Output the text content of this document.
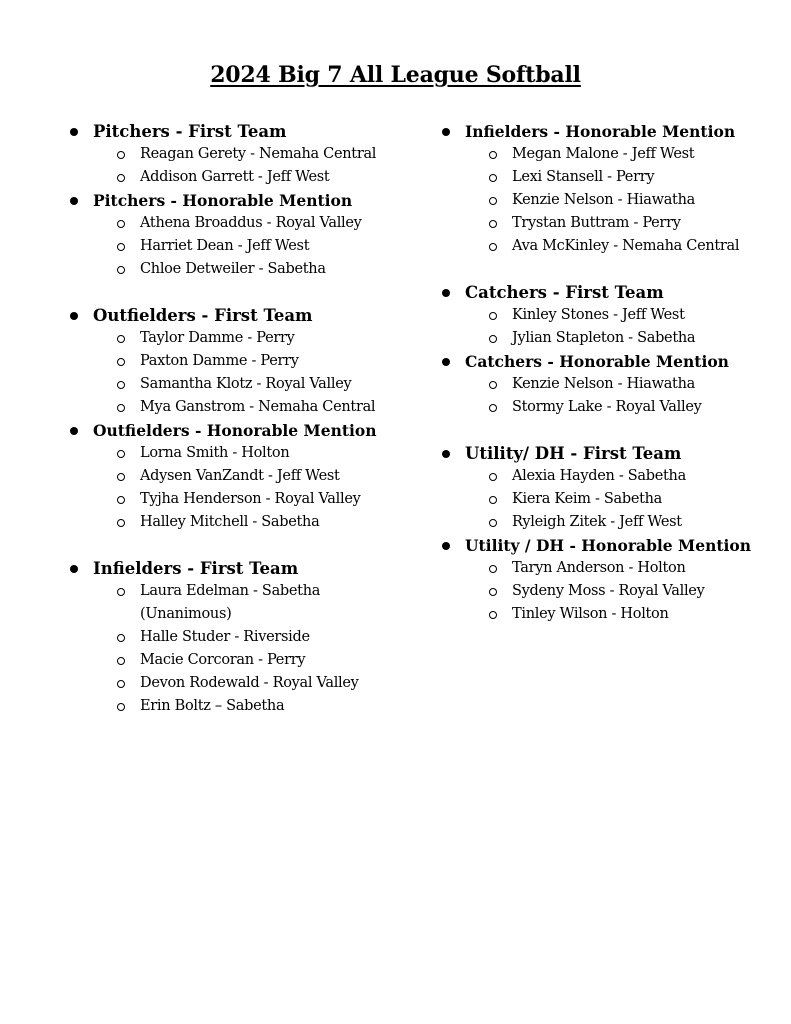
2024 Big 7 All League Softball
Pitchers - First Team
Reagan Gerety - Nemaha Central
Addison Garrett - Jeff West
Pitchers - Honorable Mention
Athena Broaddus - Royal Valley
Harriet Dean - Jeff West
Chloe Detweiler - Sabetha
Outfielders - First Team
Taylor Damme - Perry
Paxton Damme - Perry
Samantha Klotz - Royal Valley
Mya Ganstrom - Nemaha Central
Outfielders - Honorable Mention
Lorna Smith - Holton
Adysen VanZandt - Jeff West
Tyjha Henderson - Royal Valley
Halley Mitchell - Sabetha
Infielders - First Team
Laura Edelman - Sabetha (Unanimous)
Halle Studer - Riverside
Macie Corcoran - Perry
Devon Rodewald - Royal Valley
Erin Boltz – Sabetha
Infielders - Honorable Mention
Megan Malone - Jeff West
Lexi Stansell - Perry
Kenzie Nelson - Hiawatha
Trystan Buttram - Perry
Ava McKinley - Nemaha Central
Catchers - First Team
Kinley Stones - Jeff West
Jylian Stapleton - Sabetha
Catchers - Honorable Mention
Kenzie Nelson - Hiawatha
Stormy Lake - Royal Valley
Utility/ DH - First Team
Alexia Hayden - Sabetha
Kiera Keim - Sabetha
Ryleigh Zitek - Jeff West
Utility / DH - Honorable Mention
Taryn Anderson - Holton
Sydeny Moss - Royal Valley
Tinley Wilson - Holton
